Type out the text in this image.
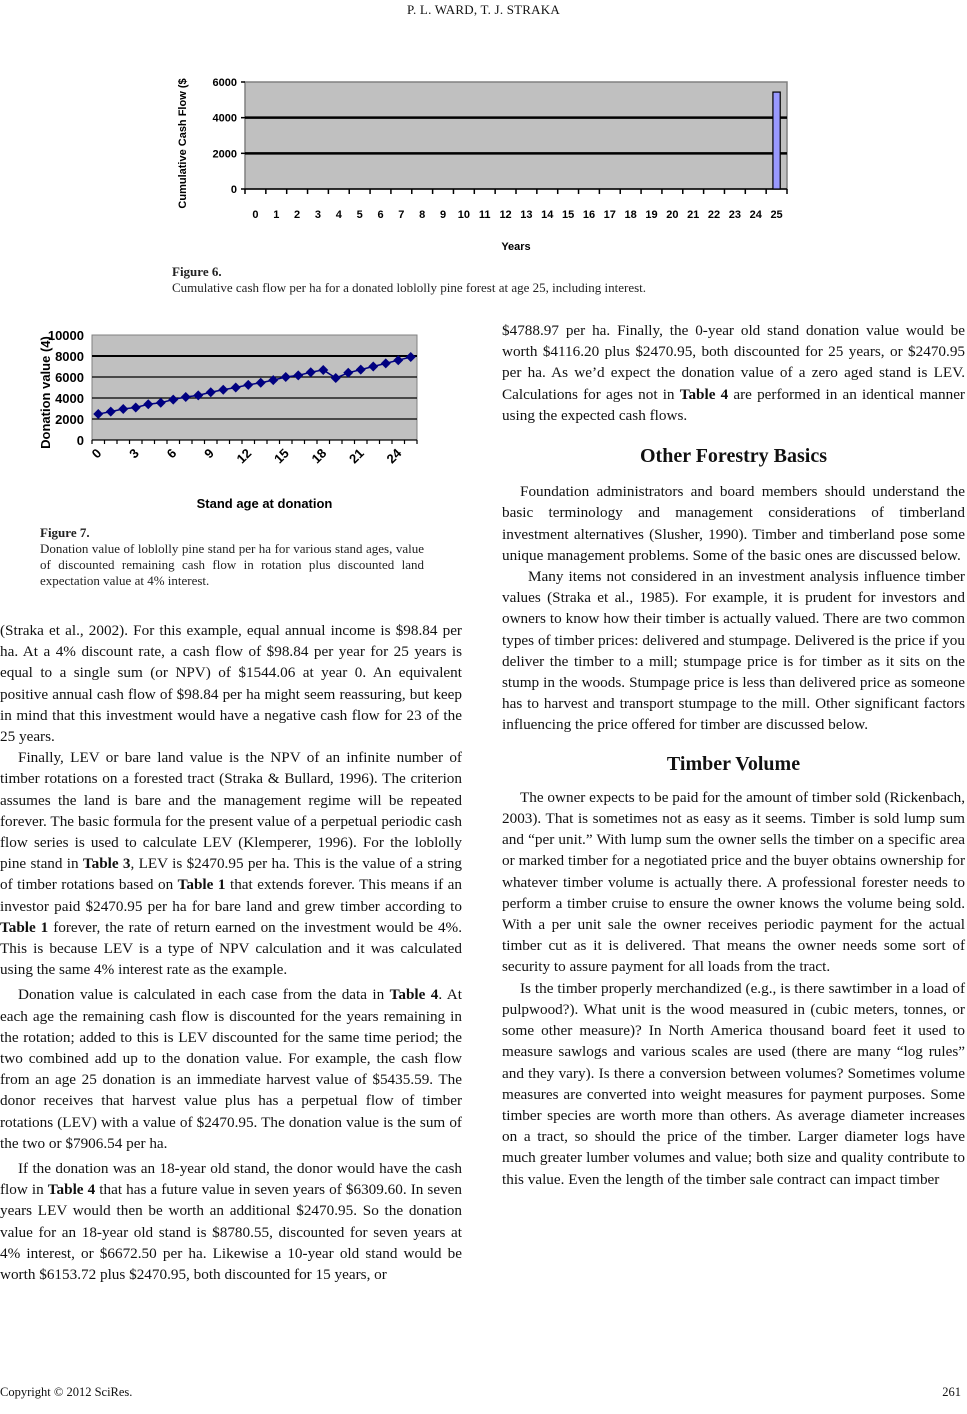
P. L. WARD, T. J. STRAKA
0
2000
4000
6000
0 1 2 3 4 5 6 7 8 9 10 11 12 13 14 15 16 17 18 19 20 21 22 23 24 25
Years
Cumulative Cash Flow ($
Figure 6.
Cumulative cash flow per ha for a donated loblolly pine forest at age 25, including interest.
0
2000
4000
6000
8000
10000
0 3 6 9 12 15 18 21 24
Stand age at donation
Donation value (4)
Figure 7.
Donation value of loblolly pine stand per ha for various stand ages, value of discounted remaining cash flow in rotation plus discounted land expectation value at 4% interest.

(Straka et al., 2002). For this example, equal annual income is $98.84 per ha. At a 4% discount rate, a cash flow of $98.84 per year for 25 years is equal to a single sum (or NPV) of $1544.06 at year 0. An equivalent positive annual cash flow of $98.84 per ha might seem reassuring, but keep in mind that this investment would have a negative cash flow for 23 of the 25 years.

Finally, LEV or bare land value is the NPV of an infinite number of timber rotations on a forested tract (Straka & Bullard, 1996). The criterion assumes the land is bare and the management regime will be repeated forever. The basic formula for the present value of a perpetual periodic cash flow series is used to calculate LEV (Klemperer, 1996). For the loblolly pine stand in Table 3, LEV is $2470.95 per ha. This is the value of a string of timber rotations based on Table 1 that extends forever. This means if an investor paid $2470.95 per ha for bare land and grew timber according to Table 1 forever, the rate of return earned on the investment would be 4%. This is because LEV is a type of NPV calculation and it was calculated using the same 4% interest rate as the example.

Donation value is calculated in each case from the data in Table 4. At each age the remaining cash flow is discounted for the years remaining in the rotation; added to this is LEV discounted for the same time period; the two combined add up to the donation value. For example, the cash flow from an age 25 donation is an immediate harvest value of $5435.59. The donor receives that harvest value plus has a perpetual flow of timber rotations (LEV) with a value of $2470.95. The donation value is the sum of the two or $7906.54 per ha.

If the donation was an 18-year old stand, the donor would have the cash flow in Table 4 that has a future value in seven years of $6309.60. In seven years LEV would then be worth an additional $2470.95. So the donation value for an 18-year old stand is $8780.55, discounted for seven years at 4% interest, or $6672.50 per ha. Likewise a 10-year old stand would be worth $6153.72 plus $2470.95, both discounted for 15 years, or

$4788.97 per ha. Finally, the 0-year old stand donation value would be worth $4116.20 plus $2470.95, both discounted for 25 years, or $2470.95 per ha. As we’d expect the donation value of a zero aged stand is LEV. Calculations for ages not in Table 4 are performed in an identical manner using the expected cash flows.

Other Forestry Basics

Foundation administrators and board members should understand the basic terminology and management considerations of timberland investment alternatives (Slusher, 1990). Timber and timberland pose some unique management problems. Some of the basic ones are discussed below.

Many items not considered in an investment analysis influence timber values (Straka et al., 1985). For example, it is prudent for investors and owners to know how their timber is actually valued. There are two common types of timber prices: delivered and stumpage. Delivered is the price if you deliver the timber to a mill; stumpage price is for timber as it sits on the stump in the woods. Stumpage price is less than delivered price as someone has to harvest and transport stumpage to the mill. Other significant factors influencing the price offered for timber are discussed below.

Timber Volume

The owner expects to be paid for the amount of timber sold (Rickenbach, 2003). That is sometimes not as easy as it seems. Timber is sold lump sum and “per unit.” With lump sum the owner sells the timber on a specific area or marked timber for a negotiated price and the buyer obtains ownership for whatever timber volume is actually there. A professional forester needs to perform a timber cruise to ensure the owner knows the volume being sold. With a per unit sale the owner receives periodic payment for the actual timber cut as it is delivered. That means the owner needs some sort of security to assure payment for all loads from the tract.

Is the timber properly merchandized (e.g., is there sawtimber in a load of pulpwood?). What unit is the wood measured in (cubic meters, tonnes, or some other measure)? In North America thousand board feet it used to measure sawlogs and various scales are used (there are many “log rules” and they vary). Is there a conversion between volumes? Sometimes volume measures are converted into weight measures for payment purposes. Some timber species are worth more than others. As average diameter increases on a tract, so should the price of the timber. Larger diameter logs have much greater lumber volumes and value; both size and quality contribute to this value. Even the length of the timber sale contract can impact timber

Copyright © 2012 SciRes.	261
